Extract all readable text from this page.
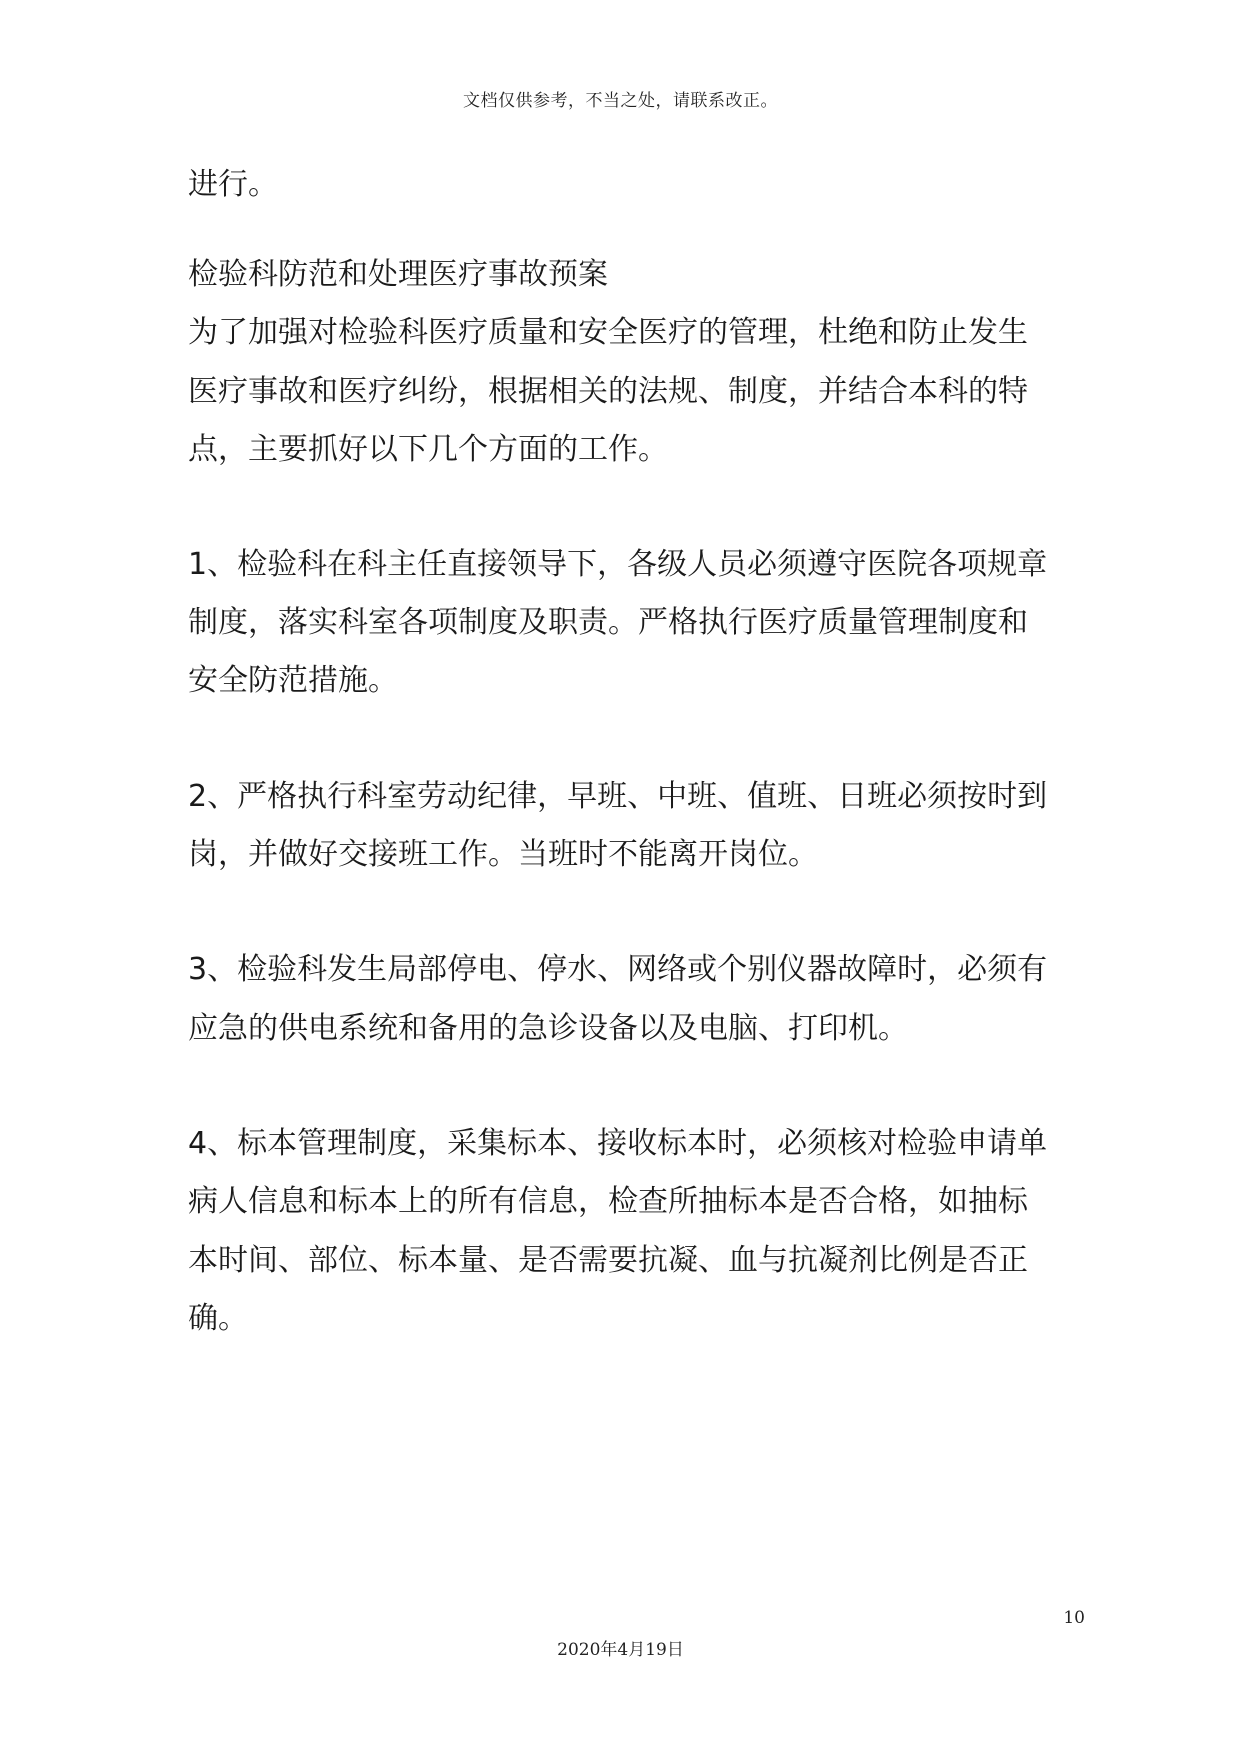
文档仅供参考，不当之处，请联系改正。
进行。
检验科防范和处理医疗事故预案
为了加强对检验科医疗质量和安全医疗的管理，杜绝和防止发生
医疗事故和医疗纠纷，根据相关的法规、制度，并结合本科的特
点，主要抓好以下几个方面的工作。
1、检验科在科主任直接领导下，各级人员必须遵守医院各项规章
制度，落实科室各项制度及职责。严格执行医疗质量管理制度和
安全防范措施。
2、严格执行科室劳动纪律，早班、中班、值班、日班必须按时到
岗，并做好交接班工作。当班时不能离开岗位。
3、检验科发生局部停电、停水、网络或个别仪器故障时，必须有
应急的供电系统和备用的急诊设备以及电脑、打印机。
4、标本管理制度，采集标本、接收标本时，必须核对检验申请单
病人信息和标本上的所有信息，检查所抽标本是否合格，如抽标
本时间、部位、标本量、是否需要抗凝、血与抗凝剂比例是否正
确。
10
2020年4月19日
